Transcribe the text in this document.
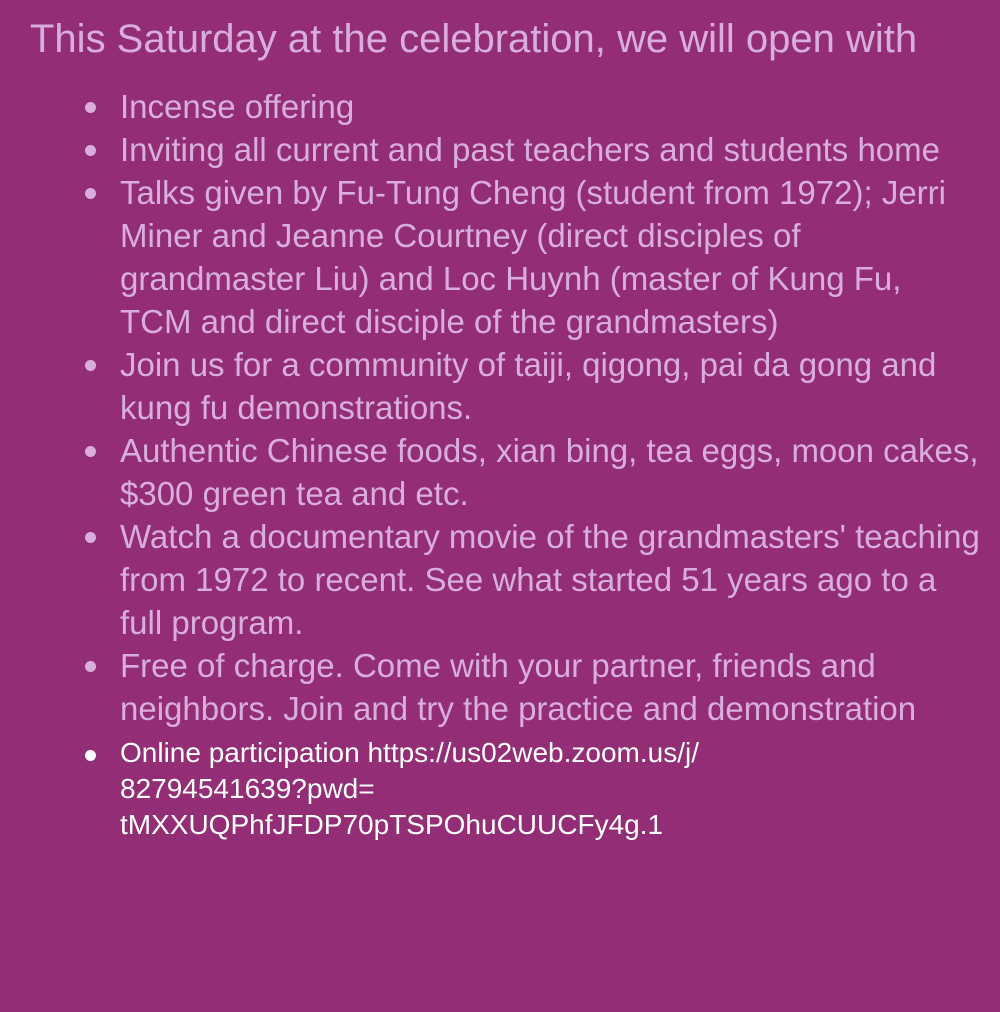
This Saturday at the celebration, we will open with
Incense offering
Inviting all current and past teachers and students home
Talks given by Fu-Tung Cheng (student from 1972); Jerri Miner and Jeanne Courtney (direct disciples of grandmaster Liu) and Loc Huynh (master of Kung Fu, TCM and direct disciple of the grandmasters)
Join us for a community of taiji, qigong, pai da gong and kung fu demonstrations.
Authentic Chinese foods, xian bing, tea eggs, moon cakes, $300 green tea and etc.
Watch a documentary movie of the grandmasters' teaching from 1972 to recent. See what started 51 years ago to a full program.
Free of charge. Come with your partner, friends and neighbors. Join and try the practice and demonstration
Online participation https://us02web.zoom.us/j/
82794541639?pwd=
tMXXUQPhfJFDP70pTSPOhuCUUCFy4g.1
